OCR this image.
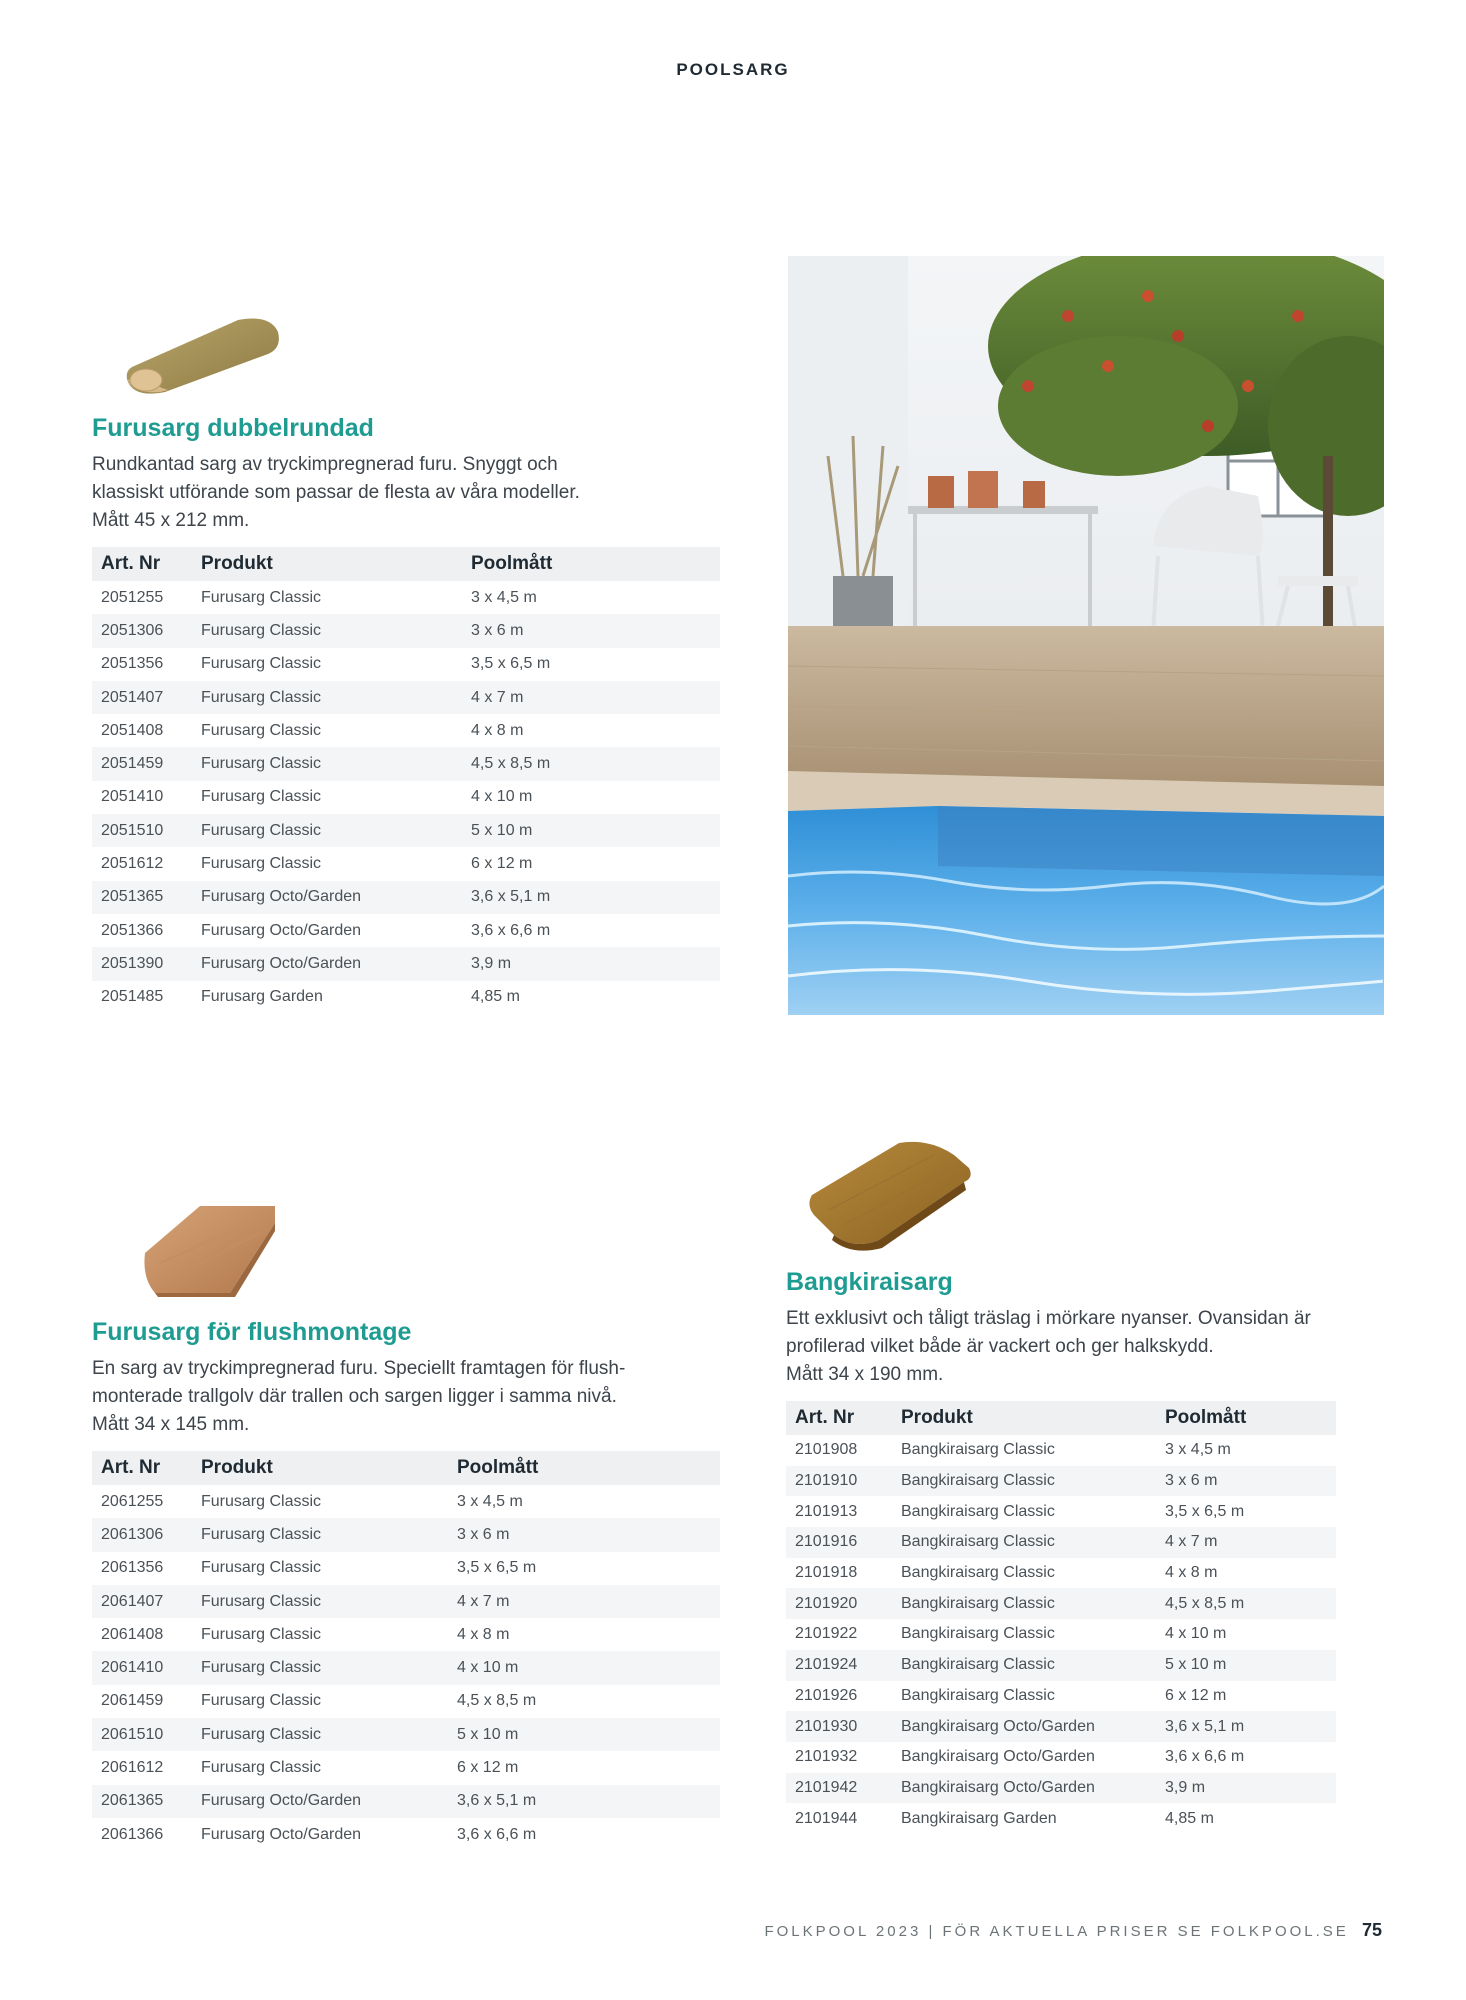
POOLSARG
Furusarg dubbelrundad

Rundkantad sarg av tryckimpregnerad furu. Snyggt och
klassiskt utförande som passar de flesta av våra modeller.
Mått 45 x 212 mm.

Art. Nr	Produkt	Poolmått
2051255	Furusarg Classic	3 x 4,5 m
2051306	Furusarg Classic	3 x 6 m
2051356	Furusarg Classic	3,5 x 6,5 m
2051407	Furusarg Classic	4 x 7 m
2051408	Furusarg Classic	4 x 8 m
2051459	Furusarg Classic	4,5 x 8,5 m
2051410	Furusarg Classic	4 x 10 m
2051510	Furusarg Classic	5 x 10 m
2051612	Furusarg Classic	6 x 12 m
2051365	Furusarg Octo/Garden	3,6 x 5,1 m
2051366	Furusarg Octo/Garden	3,6 x 6,6 m
2051390	Furusarg Octo/Garden	3,9 m
2051485	Furusarg Garden	4,85 m
Furusarg för flushmontage

En sarg av tryckimpregnerad furu. Speciellt framtagen för flush-
monterade trallgolv där trallen och sargen ligger i samma nivå.
Mått 34 x 145 mm.

Art. Nr	Produkt	Poolmått
2061255	Furusarg Classic	3 x 4,5 m
2061306	Furusarg Classic	3 x 6 m
2061356	Furusarg Classic	3,5 x 6,5 m
2061407	Furusarg Classic	4 x 7 m
2061408	Furusarg Classic	4 x 8 m
2061410	Furusarg Classic	4 x 10 m
2061459	Furusarg Classic	4,5 x 8,5 m
2061510	Furusarg Classic	5 x 10 m
2061612	Furusarg Classic	6 x 12 m
2061365	Furusarg Octo/Garden	3,6 x 5,1 m
2061366	Furusarg Octo/Garden	3,6 x 6,6 m
Bangkiraisarg

Ett exklusivt och tåligt träslag i mörkare nyanser. Ovansidan är
profilerad vilket både är vackert och ger halkskydd.
Mått 34 x 190 mm.

Art. Nr	Produkt	Poolmått
2101908	Bangkiraisarg Classic	3 x 4,5 m
2101910	Bangkiraisarg Classic	3 x 6 m
2101913	Bangkiraisarg Classic	3,5 x 6,5 m
2101916	Bangkiraisarg Classic	4 x 7 m
2101918	Bangkiraisarg Classic	4 x 8 m
2101920	Bangkiraisarg Classic	4,5 x 8,5 m
2101922	Bangkiraisarg Classic	4 x 10 m
2101924	Bangkiraisarg Classic	5 x 10 m
2101926	Bangkiraisarg Classic	6 x 12 m
2101930	Bangkiraisarg Octo/Garden	3,6 x 5,1 m
2101932	Bangkiraisarg Octo/Garden	3,6 x 6,6 m
2101942	Bangkiraisarg Octo/Garden	3,9 m
2101944	Bangkiraisarg Garden	4,85 m
FOLKPOOL 2023 | FÖR AKTUELLA PRISER SE FOLKPOOL.SE 75
